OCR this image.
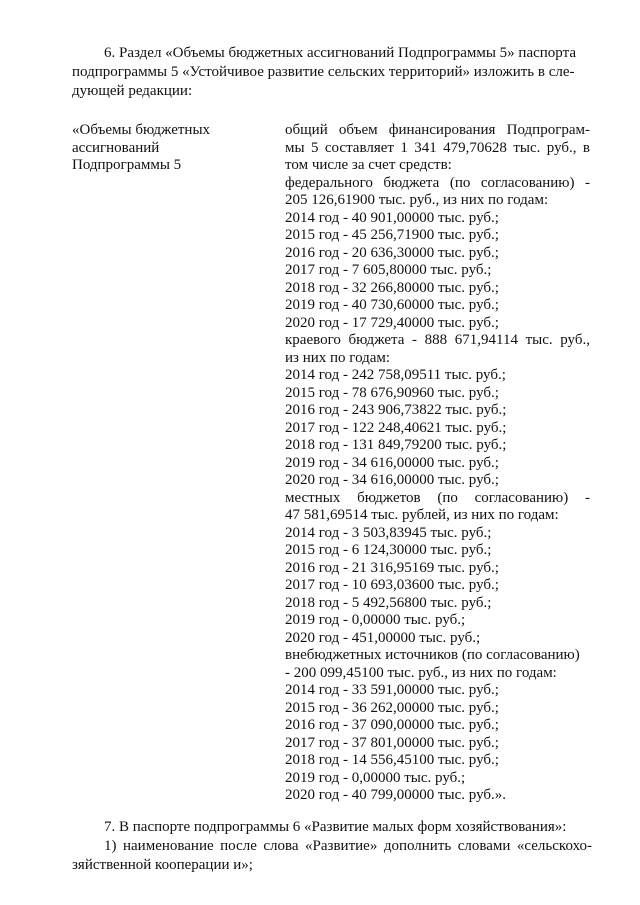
6. Раздел «Объемы бюджетных ассигнований Подпрограммы 5» паспорта
подпрограммы 5 «Устойчивое развитие сельских территорий» изложить в сле-
дующей редакции:
«Объемы бюджетных
ассигнований
Подпрограммы 5
общий объем финансирования Подпрограм-
мы 5 составляет 1 341 479,70628 тыс. руб., в
том числе за счет средств:
федерального бюджета (по согласованию) -
205 126,61900 тыс. руб., из них по годам:
2014 год - 40 901,00000 тыс. руб.;
2015 год - 45 256,71900 тыс. руб.;
2016 год - 20 636,30000 тыс. руб.;
2017 год - 7 605,80000 тыс. руб.;
2018 год - 32 266,80000 тыс. руб.;
2019 год - 40 730,60000 тыс. руб.;
2020 год - 17 729,40000 тыс. руб.;
краевого бюджета - 888 671,94114 тыс. руб.,
из них по годам:
2014 год - 242 758,09511 тыс. руб.;
2015 год - 78 676,90960 тыс. руб.;
2016 год - 243 906,73822 тыс. руб.;
2017 год - 122 248,40621 тыс. руб.;
2018 год - 131 849,79200 тыс. руб.;
2019 год - 34 616,00000 тыс. руб.;
2020 год - 34 616,00000 тыс. руб.;
местных бюджетов (по согласованию) -
47 581,69514 тыс. рублей, из них по годам:
2014 год - 3 503,83945 тыс. руб.;
2015 год - 6 124,30000 тыс. руб.;
2016 год - 21 316,95169 тыс. руб.;
2017 год - 10 693,03600 тыс. руб.;
2018 год - 5 492,56800 тыс. руб.;
2019 год - 0,00000 тыс. руб.;
2020 год - 451,00000 тыс. руб.;
внебюджетных источников (по согласованию)
- 200 099,45100 тыс. руб., из них по годам:
2014 год - 33 591,00000 тыс. руб.;
2015 год - 36 262,00000 тыс. руб.;
2016 год - 37 090,00000 тыс. руб.;
2017 год - 37 801,00000 тыс. руб.;
2018 год - 14 556,45100 тыс. руб.;
2019 год - 0,00000 тыс. руб.;
2020 год - 40 799,00000 тыс. руб.».
7. В паспорте подпрограммы 6 «Развитие малых форм хозяйствования»:
1) наименование после слова «Развитие» дополнить словами «сельскохо-
зяйственной кооперации и»;
